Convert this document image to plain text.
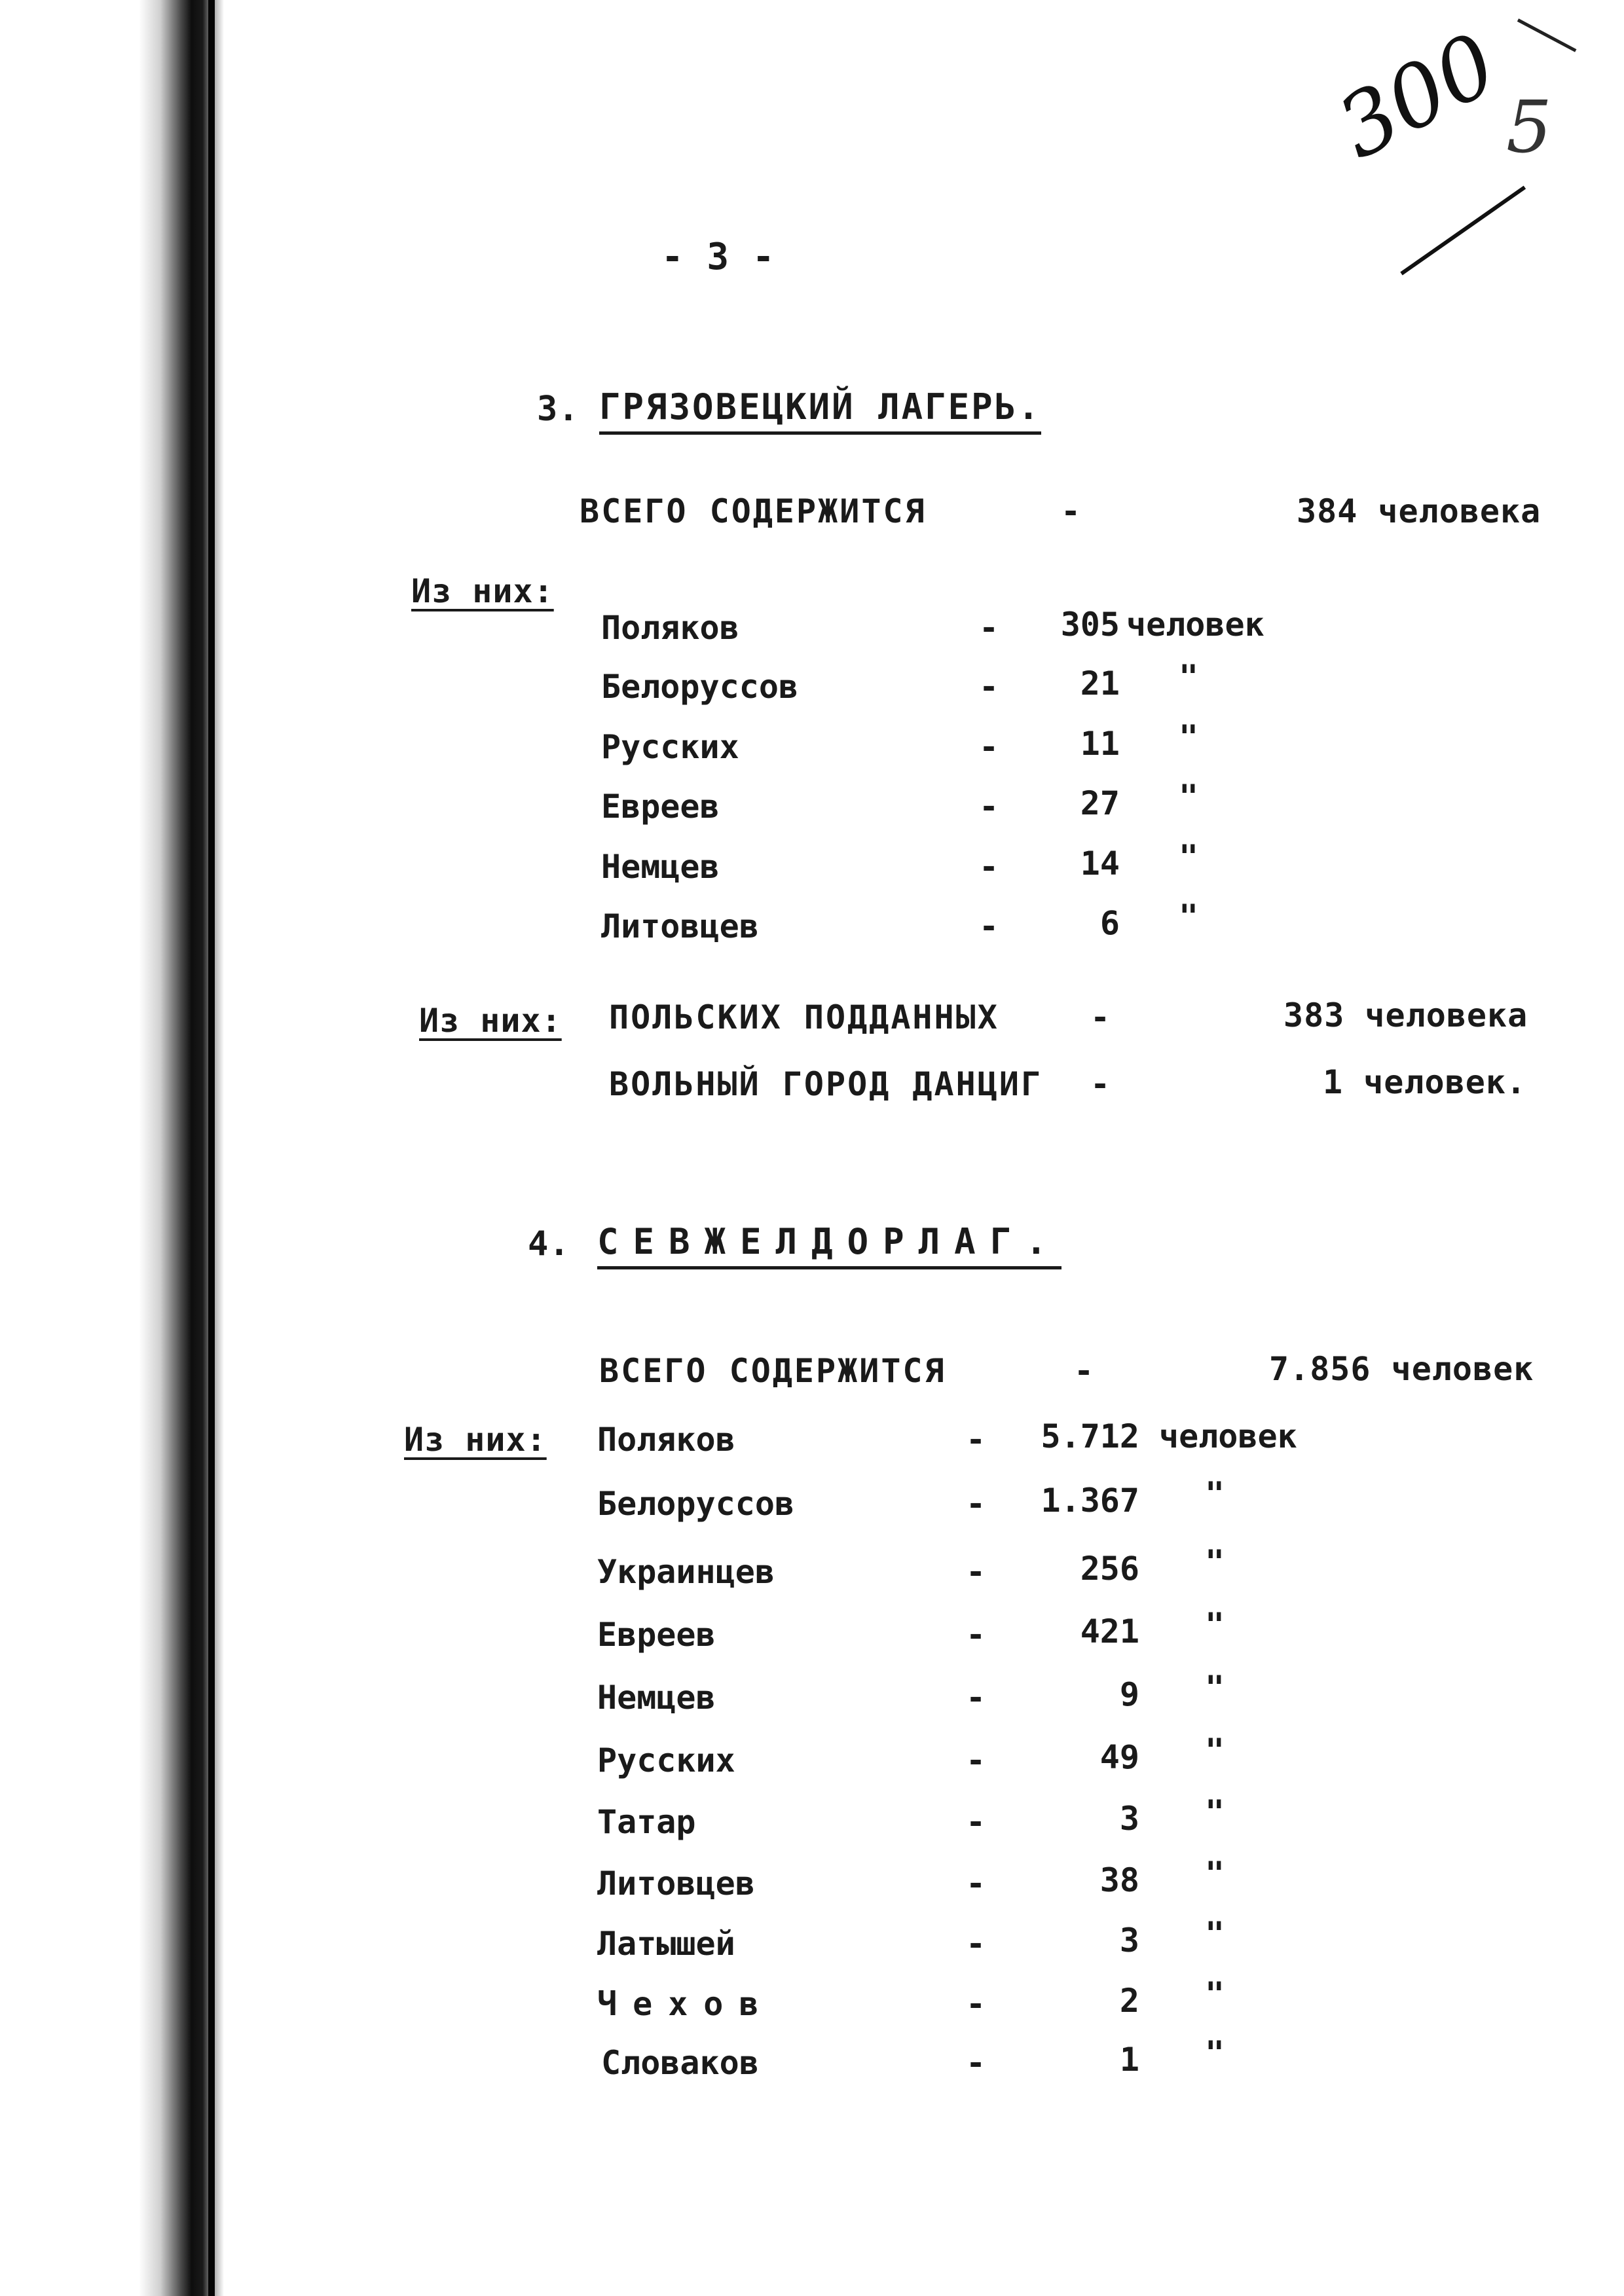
300
5
- 3 -
3. ГРЯЗОВЕЦКИЙ ЛАГЕРЬ.
ВСЕГО СОДЕРЖИТСЯ	-	384 человека
Из них:
Поляков	-	305 человек
Белоруссов	-	21 "
Русских	-	11 "
Евреев	-	27 "
Немцев	-	14 "
Литовцев	-	6 "
Из них: ПОЛЬСКИХ ПОДДАННЫХ	-	383 человека
ВОЛЬНЫЙ ГОРОД ДАНЦИГ -	1 человек.
4. СЕВЖЕЛДОРЛАГ.
ВСЕГО СОДЕРЖИТСЯ	-	7.856 человек
Из них: Поляков	-	5.712 человек
Белоруссов	-	1.367 "
Украинцев	-	256 "
Евреев	-	421 "
Немцев	-	9 "
Русских	-	49 "
Татар	-	3 "
Литовцев	-	38 "
Латышей	-	3 "
Чехов	-	2 "
Словаков	-	1 "
